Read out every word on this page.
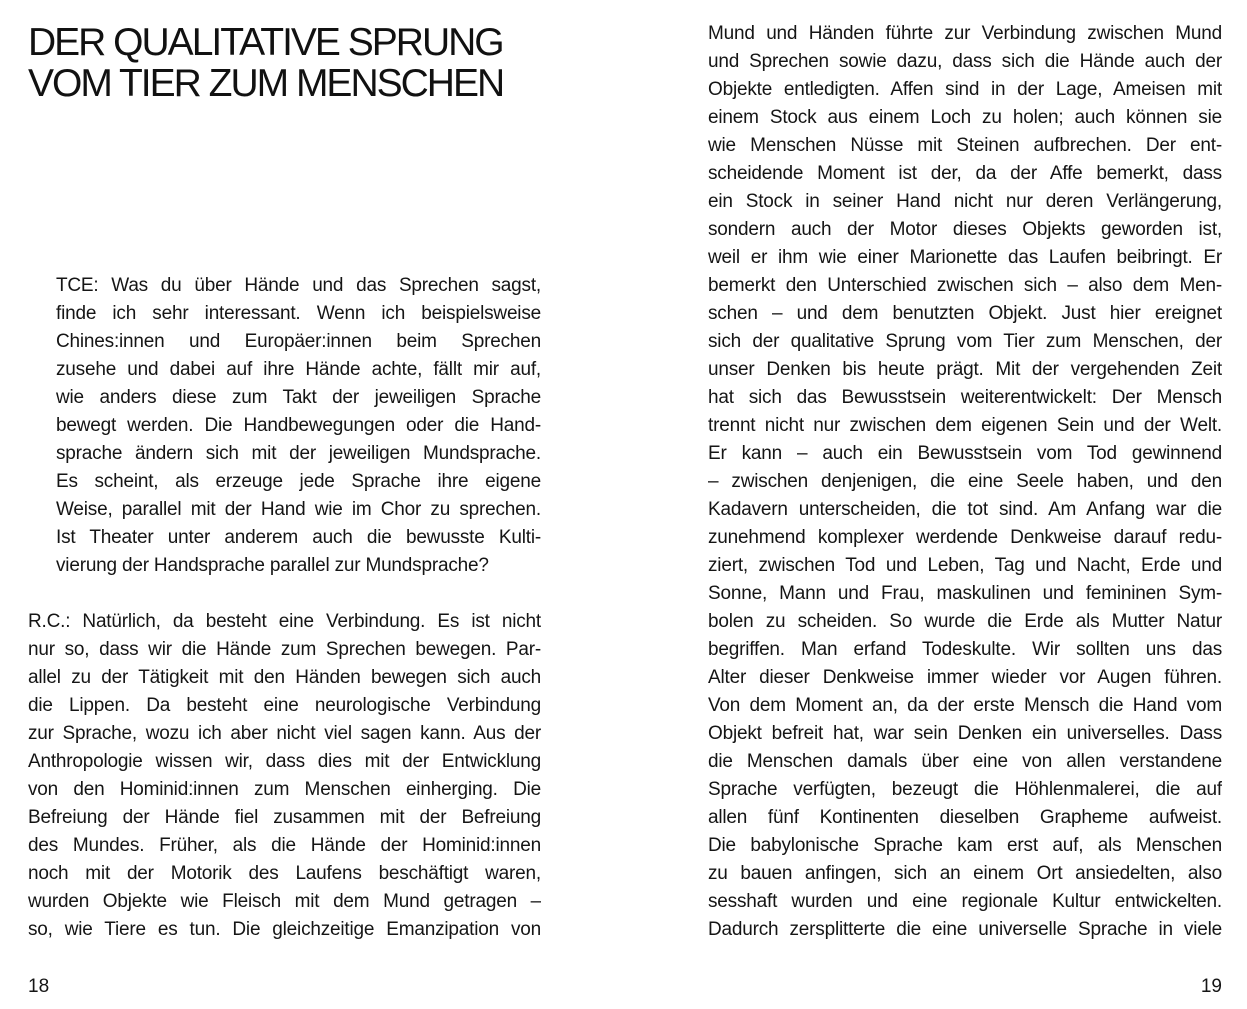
DER QUALITATIVE SPRUNG
VOM TIER ZUM MENSCHEN
TCE: Was du über Hände und das Sprechen sagst,
finde ich sehr interessant. Wenn ich beispielsweise
Chines:innen und Europäer:innen beim Sprechen
zusehe und dabei auf ihre Hände achte, fällt mir auf,
wie anders diese zum Takt der jeweiligen Sprache
bewegt werden. Die Handbewegungen oder die Hand-
sprache ändern sich mit der jeweiligen Mundsprache.
Es scheint, als erzeuge jede Sprache ihre eigene
Weise, parallel mit der Hand wie im Chor zu sprechen.
Ist Theater unter anderem auch die bewusste Kulti-
vierung der Handsprache parallel zur Mundsprache?
R.C.: Natürlich, da besteht eine Verbindung. Es ist nicht
nur so, dass wir die Hände zum Sprechen bewegen. Par-
allel zu der Tätigkeit mit den Händen bewegen sich auch
die Lippen. Da besteht eine neurologische Verbindung
zur Sprache, wozu ich aber nicht viel sagen kann. Aus der
Anthropologie wissen wir, dass dies mit der Entwicklung
von den Hominid:innen zum Menschen einherging. Die
Befreiung der Hände fiel zusammen mit der Befreiung
des Mundes. Früher, als die Hände der Hominid:innen
noch mit der Motorik des Laufens beschäftigt waren,
wurden Objekte wie Fleisch mit dem Mund getragen –
so, wie Tiere es tun. Die gleichzeitige Emanzipation von
18
Mund und Händen führte zur Verbindung zwischen Mund
und Sprechen sowie dazu, dass sich die Hände auch der
Objekte entledigten. Affen sind in der Lage, Ameisen mit
einem Stock aus einem Loch zu holen; auch können sie
wie Menschen Nüsse mit Steinen aufbrechen. Der ent-
scheidende Moment ist der, da der Affe bemerkt, dass
ein Stock in seiner Hand nicht nur deren Verlängerung,
sondern auch der Motor dieses Objekts geworden ist,
weil er ihm wie einer Marionette das Laufen beibringt. Er
bemerkt den Unterschied zwischen sich – also dem Men-
schen – und dem benutzten Objekt. Just hier ereignet
sich der qualitative Sprung vom Tier zum Menschen, der
unser Denken bis heute prägt. Mit der vergehenden Zeit
hat sich das Bewusstsein weiterentwickelt: Der Mensch
trennt nicht nur zwischen dem eigenen Sein und der Welt.
Er kann – auch ein Bewusstsein vom Tod gewinnend
– zwischen denjenigen, die eine Seele haben, und den
Kadavern unterscheiden, die tot sind. Am Anfang war die
zunehmend komplexer werdende Denkweise darauf redu-
ziert, zwischen Tod und Leben, Tag und Nacht, Erde und
Sonne, Mann und Frau, maskulinen und femininen Sym-
bolen zu scheiden. So wurde die Erde als Mutter Natur
begriffen. Man erfand Todeskulte. Wir sollten uns das
Alter dieser Denkweise immer wieder vor Augen führen.
Von dem Moment an, da der erste Mensch die Hand vom
Objekt befreit hat, war sein Denken ein universelles. Dass
die Menschen damals über eine von allen verstandene
Sprache verfügten, bezeugt die Höhlenmalerei, die auf
allen fünf Kontinenten dieselben Grapheme aufweist.
Die babylonische Sprache kam erst auf, als Menschen
zu bauen anfingen, sich an einem Ort ansiedelten, also
sesshaft wurden und eine regionale Kultur entwickelten.
Dadurch zersplitterte die eine universelle Sprache in viele
19
